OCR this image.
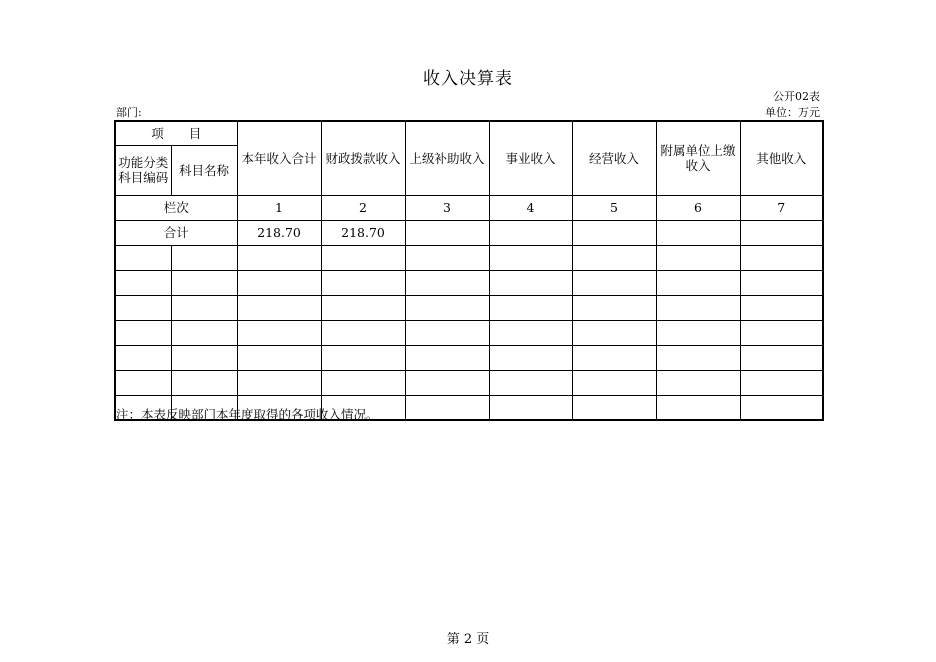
收入决算表
公开02表
部门:	单位：万元
项　　目		本年收入合计	财政拨款收入	上级补助收入	事业收入	经营收入	附属单位上缴收入	其他收入
功能分类科目编码	科目名称							
栏次		1	2	3	4	5	6	7
合计		218.70	218.70					

注：本表反映部门本年度取得的各项收入情况。
第 2 页
